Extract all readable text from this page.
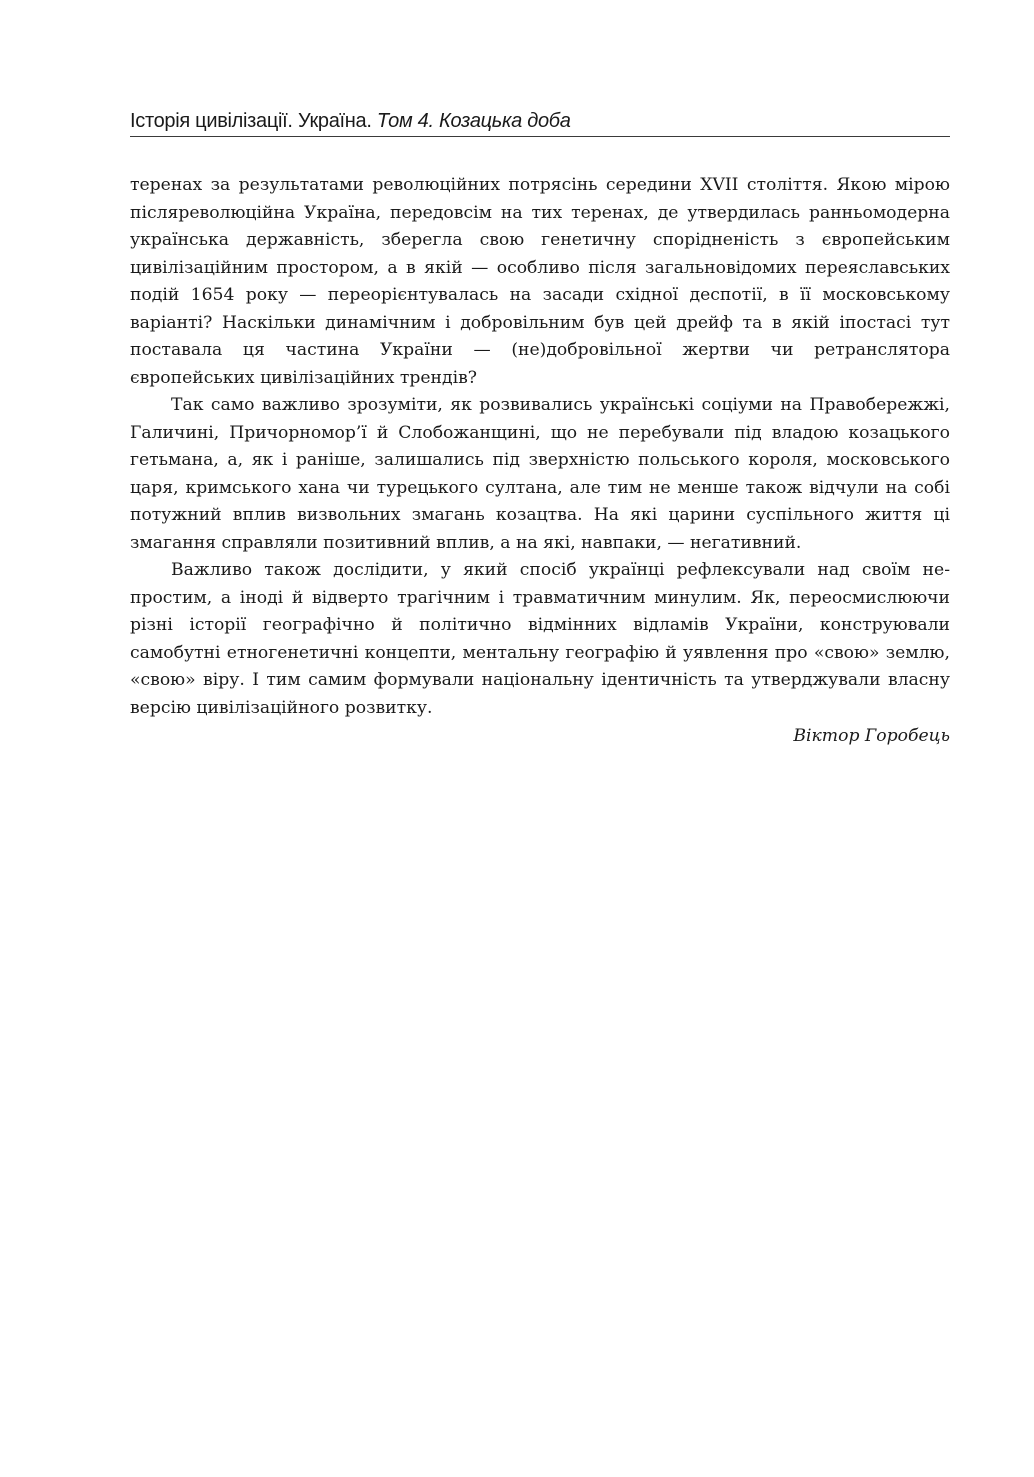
Історія цивілізації. Україна. Том 4. Козацька доба

теренах за результатами революційних потрясінь середини XVII століття. Якою мірою післяреволюційна Україна, передовсім на тих теренах, де утвердилась ранньомодерна українська державність, зберегла свою генетичну спорідненість з європейським цивілізаційним простором, а в якій — особливо після загальновідомих переяславських подій 1654 року — переорієнтувалась на засади східної деспотії, в її московському варіанті? Наскільки динамічним і добровільним був цей дрейф та в якій іпостасі тут поставала ця частина України — (не)добровільної жертви чи ретранслятора європейських цивілізаційних трендів?

Так само важливо зрозуміти, як розвивались українські соціуми на Правобережжі, Галичині, Причорномор’ї й Слобожанщині, що не перебували під владою козацького гетьмана, а, як і раніше, залишались під зверхністю польського короля, московського царя, кримського хана чи турецького султана, але тим не менше також відчули на собі потужний вплив визвольних змагань козацтва. На які царини суспільного життя ці змагання справляли позитивний вплив, а на які, навпаки, — негативний.

Важливо також дослідити, у який спосіб українці рефлексували над своїм непростим, а іноді й відверто трагічним і травматичним минулим. Як, переосмислюючи різні історії географічно й політично відмінних відламів України, конструювали самобутні етногенетичні концепти, ментальну географію й уявлення про «свою» землю, «свою» віру. І тим самим формували національну ідентичність та утверджували власну версію цивілізаційного розвитку.

Віктор Горобець
